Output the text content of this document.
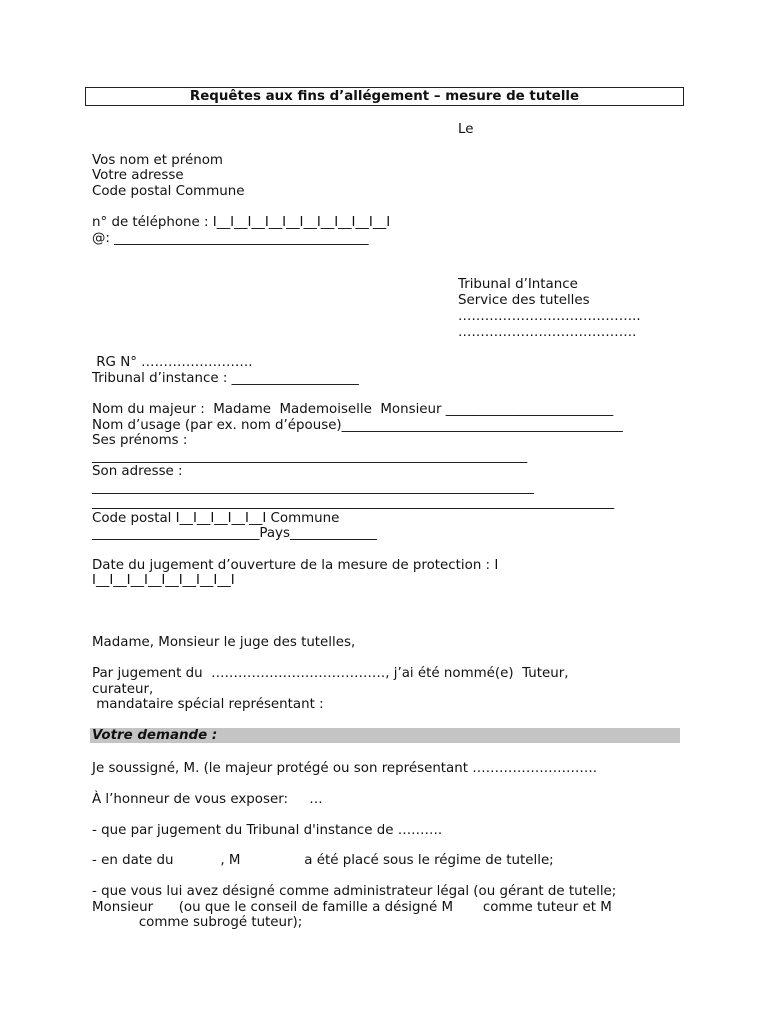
Requêtes aux fins d’allégement – mesure de tutelle
Le
Vos nom et prénom
Votre adresse
Code postal Commune
n° de téléphone : I__I__I__I__I__I__I__I__I__I__I
@: ______________________________________
Tribunal d’Intance
Service des tutelles
…………………………………..
………………………………….
RG N° …………………….
Tribunal d’instance : ___________________
Nom du majeur :  Madame  Mademoiselle  Monsieur _________________________
Nom d’usage (par ex. nom d’épouse)__________________________________________
Ses prénoms :
_________________________________________________________________
Son adresse :
__________________________________________________________________
______________________________________________________________________________
Code postal I__I__I__I__I__I Commune
_________________________Pays_____________
Date du jugement d’ouverture de la mesure de protection : I
I__I__I__I__I__I__I__I__I
Madame, Monsieur le juge des tutelles,
Par jugement du  …………………………………, j’ai été nommé(e)  Tuteur,
curateur,
mandataire spécial représentant :
Votre demande :
Je soussigné, M. (le majeur protégé ou son représentant ……………………….
À l’honneur de vous exposer:     …
- que par jugement du Tribunal d'instance de ……….
- en date du           , M               a été placé sous le régime de tutelle;
- que vous lui avez désigné comme administrateur légal (ou gérant de tutelle;
Monsieur      (ou que le conseil de famille a désigné M       comme tuteur et M
comme subrogé tuteur);
